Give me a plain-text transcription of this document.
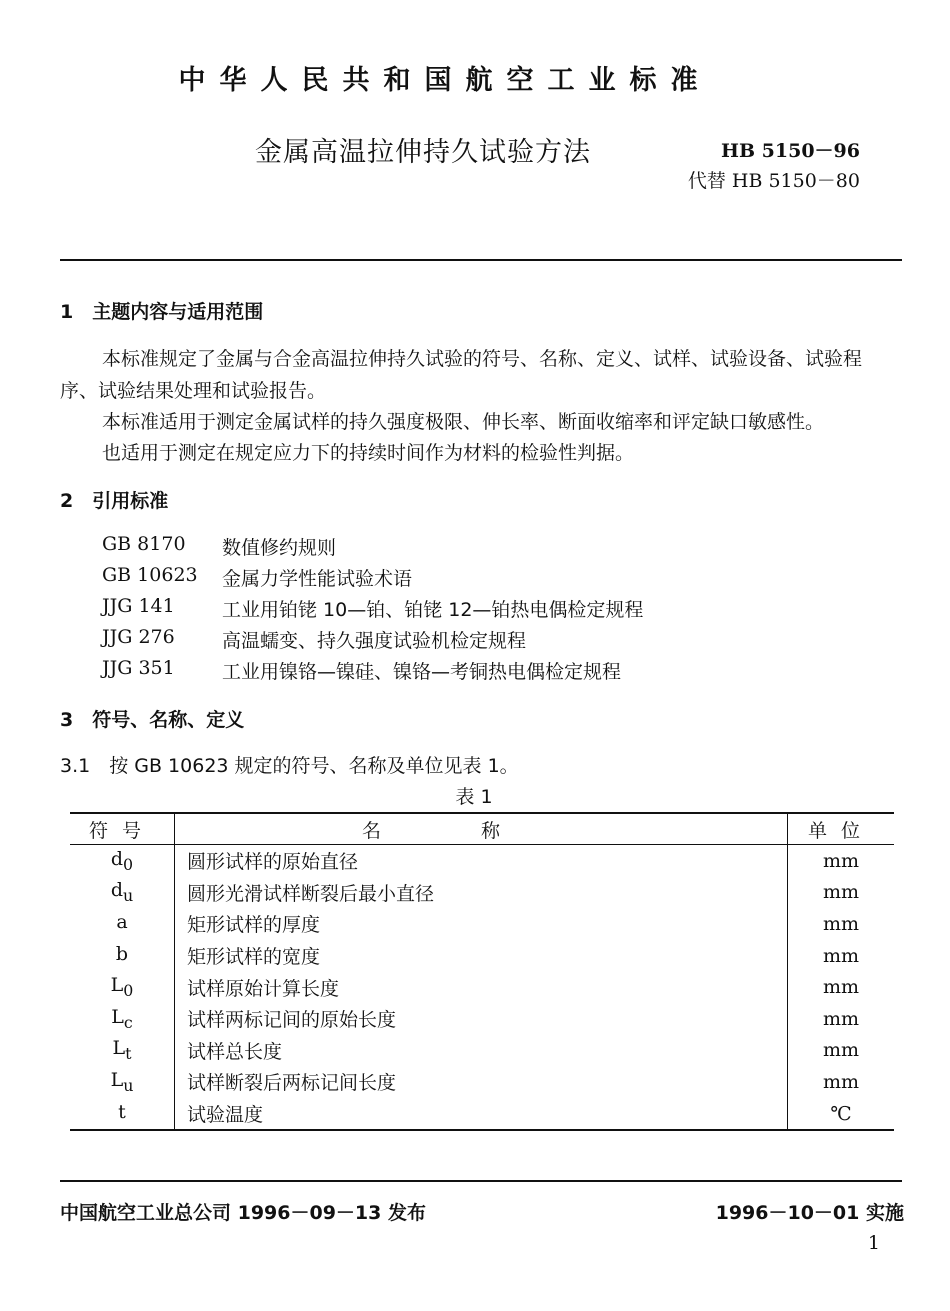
中华人民共和国航空工业标准
金属高温拉伸持久试验方法	HB 5150－96
代替 HB 5150－80
1　主题内容与适用范围
本标准规定了金属与合金高温拉伸持久试验的符号、名称、定义、试样、试验设备、试验程
序、试验结果处理和试验报告。
本标准适用于测定金属试样的持久强度极限、伸长率、断面收缩率和评定缺口敏感性。
也适用于测定在规定应力下的持续时间作为材料的检验性判据。
2　引用标准
GB 8170 数值修约规则
GB 10623 金属力学性能试验术语
JJG 141 工业用铂铑 10—铂、铂铑 12—铂热电偶检定规程
JJG 276 高温蠕变、持久强度试验机检定规程
JJG 351 工业用镍铬—镍硅、镍铬—考铜热电偶检定规程
3　符号、名称、定义
3.1　按 GB 10623 规定的符号、名称及单位见表 1。
表 1
符号	名称	单位
$d_0$	圆形试样的原始直径	mm
$d_u$	圆形光滑试样断裂后最小直径	mm
a	矩形试样的厚度	mm
b	矩形试样的宽度	mm
$L_0$	试样原始计算长度	mm
$L_c$	试样两标记间的原始长度	mm
$L_t$	试样总长度	mm
$L_u$	试样断裂后两标记间长度	mm
t	试验温度	℃
中国航空工业总公司 1996－09－13 发布	1996－10－01 实施
1
